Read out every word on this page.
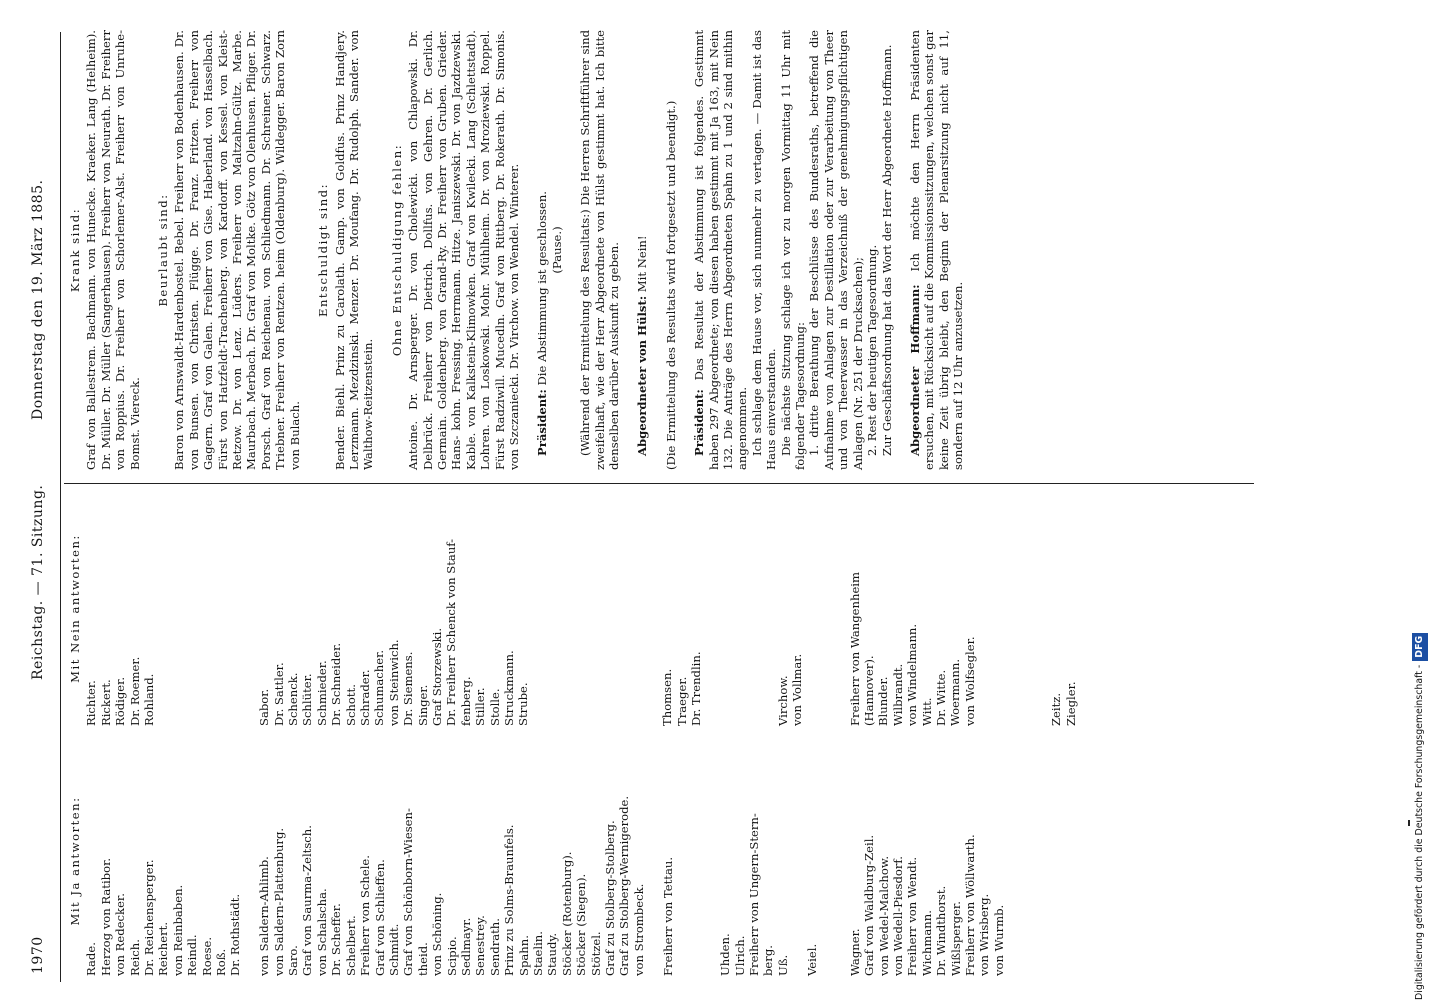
1970
Reichstag. — 71. Sitzung.
Donnerstag den 19. März 1885.
Mit Ja antworten:
Rade. Herzog von Ratibor. von Redecker. Reich. Dr. Reichensperger. Reichert. von Reinbaben. Reindl. Roese. Roß. Dr. Rothstädt. von Saldern-Ahlimb. von Saldern-Plattenburg. Saro. Graf von Saurma-Zeltsch. von Schalscha. Dr. Scheffer. Schelbert. Freiherr von Schele. Graf von Schlieffen. Schmidt. Graf von Schönborn-Wiesen- theid. von Schöning. Scipio. Sedlmayr. Senestrey. Sendrath. Prinz zu Solms-Braunfels. Spahn. Staelin. Staudy. Stöcker (Rotenburg). Stöcker (Siegen). Stötzel. Graf zu Stolberg-Stolberg. Graf zu Stolberg-Wernigerode. von Strombeck. Freiherr von Tettau.	Uhden. Ulrich. Freiherr von Ungern-Stern- berg. Uß. Veiel.	Wagner. Graf von Waldburg-Zeil. von Wedel-Malchow. von Wedell-Piesdorf. Freiherr von Wendt. Wichmann. Dr. Windthorst. Wißlsperger. Freiherr von Wöllwarth. von Wrisberg. von Wurmb.
Mit Nein antworten:
Richter. Rickert. Rödiger. Dr. Roemer. Rohland.	Sabor. Dr. Sattler. Schenck. Schlüter. Schmieder. Dr. Schneider. Schott. Schrader. Schumacher. von Steinwich. Dr. Siemens. Singer. Graf Storzewski. Dr. Freiherr Schenck von Stauf- fenberg. Stiller. Stolle. Struckmann. Strube.	Thomsen. Traeger. Dr. Trendlin.	Virchow. von Vollmar.	Freiherr von Wangenheim (Hannover). Blunder. Wilbrandt. von Windelmann. Witt. Dr. Witte. Woermann. von Wolfsegler.	Zeitz. Ziegler.
Krank sind: Graf von Ballestrem. Bachmann. von Hunecke. Kraeker. Lang (Helheim). Dr. Müller. Dr. Müller (Sangerhausen). Freiherr von Neurath. Dr. Freiherr von Roppius. Dr. Freiherr von Schorlemer-Alst. Freiherr von Unruhe-Bomst. Viereck.

Beurlaubt sind: Baron von Arnswaldt-Hardenbostel. Bebel. Freiherr von Bodenhausen. Dr. von Bunsen. von Christen. Flügge. Dr. Franz. Fritzen. Freiherr von Gagern. Graf von Galen. Freiherr von Gise. Haberland. von Hasselbach. Fürst von Hatzfeldt-Trachenberg. von Kardorff. von Kessel. von Kleist-Retzow. Dr. von Lenz. Lüders. Freiherr von Maltzahn-Gültz. Marbe. Maurbach. Merbach. Dr. Graf von Moltke. Götz von Olenhusen. Pfliger. Dr. Porsch. Graf von Reichenau. von Schliedmann. Dr. Schreiner. Schwarz. Triebner. Freiherr von Rentzen. heim (Oldenburg). Wildegger. Baron Zorn von Bulach.

Entschuldigt sind: Bender. Biehl. Prinz zu Carolath. Gamp. von Goldfus. Prinz Handjery. Lerzmann. Mezdzinski. Menzer. Dr. Moufang. Dr. Rudolph. Sander. von Walthow-Reitzenstein.

Ohne Entschuldigung fehlen: Antoine. Dr. Arnsperger. Dr. von Cholewicki. von Chlapowski. Dr. Delbrück. Freiherr von Dietrich. Dollfus. von Gehren. Dr. Gerlich. Germain. Goldenberg. von Grand-Ry. Dr. Freiherr von Gruben. Grieder. Hans- kohn. Fressing. Herrmann. Hitze. Janiszewski. Dr. von Jazdzewski. Kable. von Kalkstein-Klimowken. Graf von Kwilecki. Lang (Schlettstadt). Lohren. von Loskowski. Mohr. Mühlheim. Dr. von Mroziewski. Roppel. Fürst Radziwill. Mucedln. Graf von Rittberg. Dr. Rokerath. Dr. Simonis. von Szczaniecki. Dr. Virchow. von Wendel. Winterer. Präsident: Die Abstimmung ist geschlossen. (Pause.) (Während der Ermittelung des Resultats:) Die Herren Schriftführer sind zweifelhaft, wie der Herr Abgeordnete von Hülst gestimmt hat. Ich bitte denselben darüber Auskunft zu geben. Abgeordneter von Hülst: Mit Nein! (Die Ermittelung des Resultats wird fortgesetzt und beendigt.) Präsident: Das Resultat der Abstimmung ist folgendes. Gestimmt haben 297 Abgeordnete; von diesen haben gestimmt mit Ja 163, mit Nein 132. Die Anträge des Herrn Abgeordneten Spahn zu 1 und 2 sind mithin angenommen. Ich schlage dem Hause vor, sich nunmehr zu vertagen. — Damit ist das Haus einverstanden. Die nächste Sitzung schlage ich vor zu morgen Vormittag 11 Uhr mit folgender Tagesordnung: 1. dritte Berathung der Beschlüsse des Bundesraths, betreffend die Aufnahme von Anlagen zur Destillation oder zur Verarbeitung von Theer und von Theerwasser in das Verzeichniß der genehmigungspflichtigen Anlagen (Nr. 251 der Drucksachen); 2. Rest der heutigen Tagesordnung. Zur Geschäftsordnung hat das Wort der Herr Abgeordnete Hoffmann. Abgeordneter Hoffmann: Ich möchte den Herrn Präsidenten ersuchen, mit Rücksicht auf die Kommissionssitzungen, welchen sonst gar keine Zeit übrig bleibt, den Beginn der Plenarsitzung nicht auf 11, sondern auf 12 Uhr anzusetzen.

Digitalisierung gefördert durch die Deutsche Forschungsgemeinschaft -DFG
